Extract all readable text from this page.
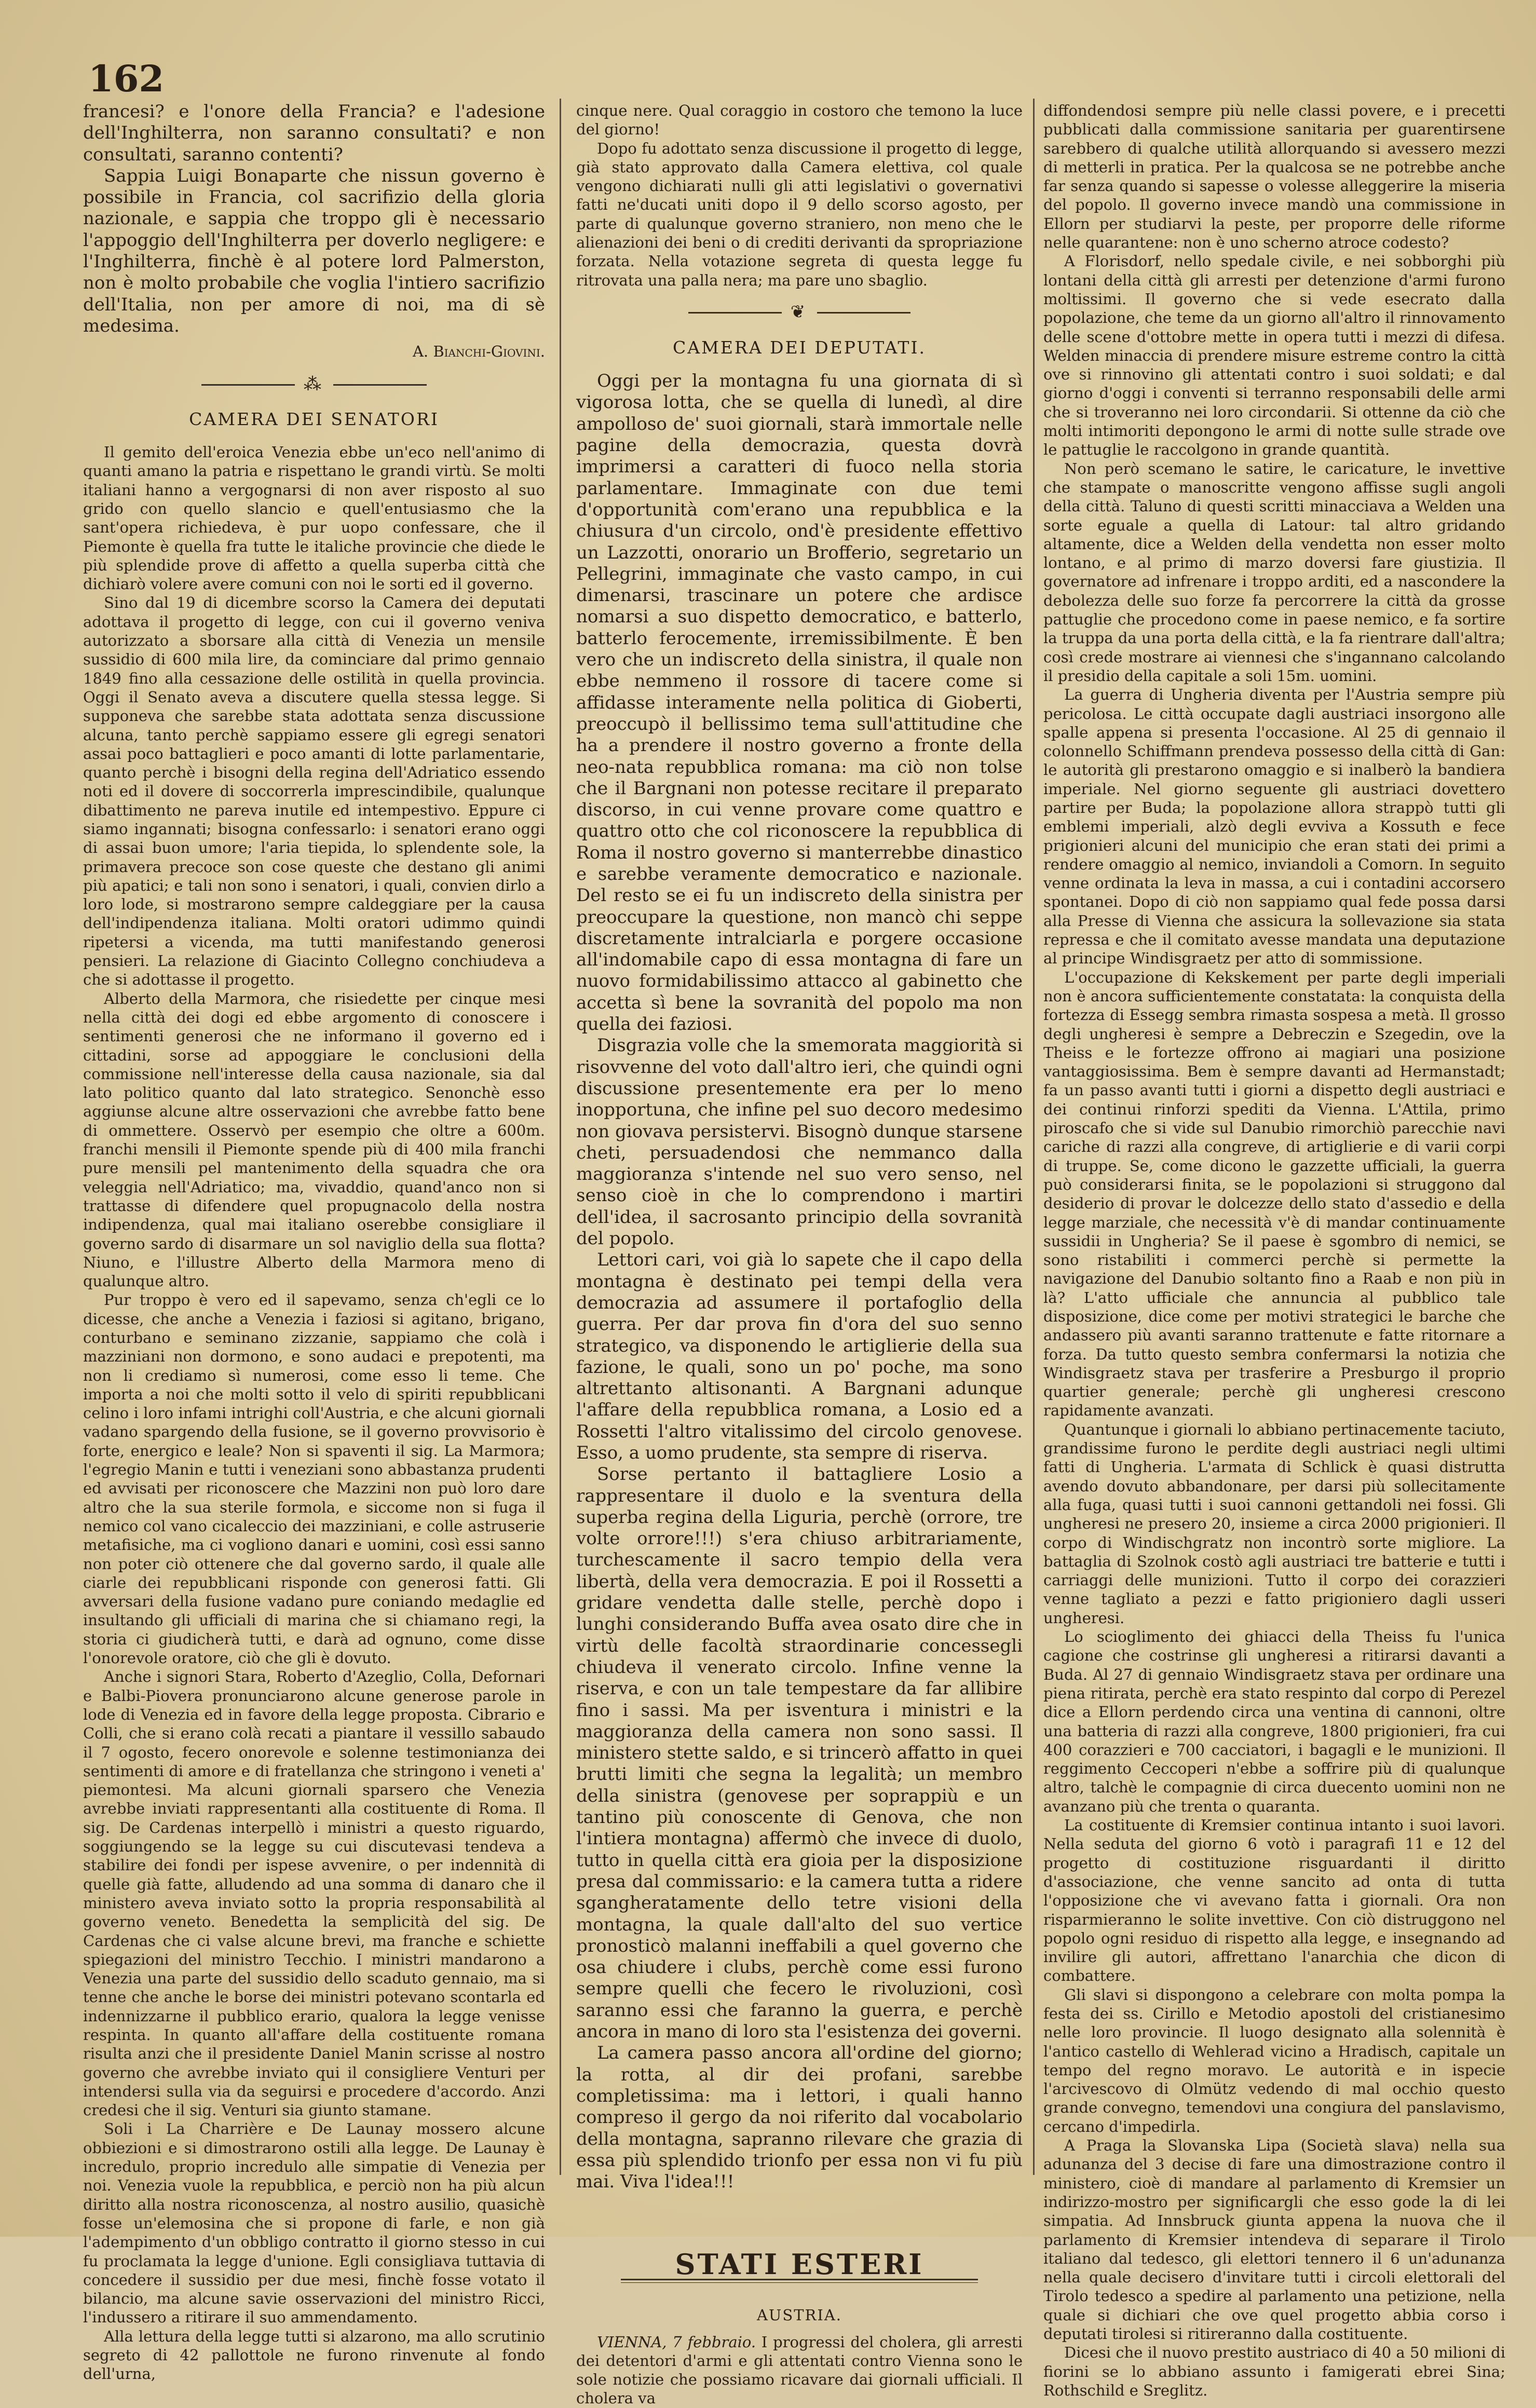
162

francesi? e l'onore della Francia? e l'adesione dell'Inghilterra, non saranno consultati? e non consultati, saranno contenti?

Sappia Luigi Bonaparte che nissun governo è possibile in Francia, col sacrifizio della gloria nazionale, e sappia che troppo gli è necessario l'appoggio dell'Inghilterra per doverlo negligere: e l'Inghilterra, finchè è al potere lord Palmerston, non è molto probabile che voglia l'intiero sacrifizio dell'Italia, non per amore di noi, ma di sè medesima.

A. Bianchi-Giovini.
⁂
CAMERA DEI SENATORI

Il gemito dell'eroica Venezia ebbe un'eco nell'animo di quanti amano la patria e rispettano le grandi virtù. Se molti italiani hanno a vergognarsi di non aver risposto al suo grido con quello slancio e quell'entusiasmo che la sant'opera richiedeva, è pur uopo confessare, che il Piemonte è quella fra tutte le italiche provincie che diede le più splendide prove di affetto a quella superba città che dichiarò volere avere comuni con noi le sorti ed il governo.

Sino dal 19 di dicembre scorso la Camera dei deputati adottava il progetto di legge, con cui il governo veniva autorizzato a sborsare alla città di Venezia un mensile sussidio di 600 mila lire, da cominciare dal primo gennaio 1849 fino alla cessazione delle ostilità in quella provincia. Oggi il Senato aveva a discutere quella stessa legge. Si supponeva che sarebbe stata adottata senza discussione alcuna, tanto perchè sappiamo essere gli egregi senatori assai poco battaglieri e poco amanti di lotte parlamentarie, quanto perchè i bisogni della regina dell'Adriatico essendo noti ed il dovere di soccorrerla imprescindibile, qualunque dibattimento ne pareva inutile ed intempestivo. Eppure ci siamo ingannati; bisogna confessarlo: i senatori erano oggi di assai buon umore; l'aria tiepida, lo splendente sole, la primavera precoce son cose queste che destano gli animi più apatici; e tali non sono i senatori, i quali, convien dirlo a loro lode, si mostrarono sempre caldeggiare per la causa dell'indipendenza italiana. Molti oratori udimmo quindi ripetersi a vicenda, ma tutti manifestando generosi pensieri. La relazione di Giacinto Collegno conchiudeva a che si adottasse il progetto.

Alberto della Marmora, che risiedette per cinque mesi nella città dei dogi ed ebbe argomento di conoscere i sentimenti generosi che ne informano il governo ed i cittadini, sorse ad appoggiare le conclusioni della commissione nell'interesse della causa nazionale, sia dal lato politico quanto dal lato strategico. Senonchè esso aggiunse alcune altre osservazioni che avrebbe fatto bene di ommettere. Osservò per esempio che oltre a 600m. franchi mensili il Piemonte spende più di 400 mila franchi pure mensili pel mantenimento della squadra che ora veleggia nell'Adriatico; ma, vivaddio, quand'anco non si trattasse di difendere quel propugnacolo della nostra indipendenza, qual mai italiano oserebbe consigliare il governo sardo di disarmare un sol naviglio della sua flotta? Niuno, e l'illustre Alberto della Marmora meno di qualunque altro.

Pur troppo è vero ed il sapevamo, senza ch'egli ce lo dicesse, che anche a Venezia i faziosi si agitano, brigano, conturbano e seminano zizzanie, sappiamo che colà i mazziniani non dormono, e sono audaci e prepotenti, ma non li crediamo sì numerosi, come esso li teme. Che importa a noi che molti sotto il velo di spiriti repubblicani celino i loro infami intrighi coll'Austria, e che alcuni giornali vadano spargendo della fusione, se il governo provvisorio è forte, energico e leale? Non si spaventi il sig. La Marmora; l'egregio Manin e tutti i veneziani sono abbastanza prudenti ed avvisati per riconoscere che Mazzini non può loro dare altro che la sua sterile formola, e siccome non si fuga il nemico col vano cicaleccio dei mazziniani, e colle astruserie metafisiche, ma ci vogliono danari e uomini, così essi sanno non poter ciò ottenere che dal governo sardo, il quale alle ciarle dei repubblicani risponde con generosi fatti. Gli avversari della fusione vadano pure coniando medaglie ed insultando gli ufficiali di marina che si chiamano regi, la storia ci giudicherà tutti, e darà ad ognuno, come disse l'onorevole oratore, ciò che gli è dovuto.

Anche i signori Stara, Roberto d'Azeglio, Colla, Defornari e Balbi-Piovera pronunciarono alcune generose parole in lode di Venezia ed in favore della legge proposta. Cibrario e Colli, che si erano colà recati a piantare il vessillo sabaudo il 7 ogosto, fecero onorevole e solenne testimonianza dei sentimenti di amore e di fratellanza che stringono i veneti a' piemontesi. Ma alcuni giornali sparsero che Venezia avrebbe inviati rappresentanti alla costituente di Roma. Il sig. De Cardenas interpellò i ministri a questo riguardo, soggiungendo se la legge su cui discutevasi tendeva a stabilire dei fondi per ispese avvenire, o per indennità di quelle già fatte, alludendo ad una somma di danaro che il ministero aveva inviato sotto la propria responsabilità al governo veneto. Benedetta la semplicità del sig. De Cardenas che ci valse alcune brevi, ma franche e schiette spiegazioni del ministro Tecchio. I ministri mandarono a Venezia una parte del sussidio dello scaduto gennaio, ma si tenne che anche le borse dei ministri potevano scontarla ed indennizzarne il pubblico erario, qualora la legge venisse respinta. In quanto all'affare della costituente romana risulta anzi che il presidente Daniel Manin scrisse al nostro governo che avrebbe inviato qui il consigliere Venturi per intendersi sulla via da seguirsi e procedere d'accordo. Anzi credesi che il sig. Venturi sia giunto stamane.

Soli i La Charrière e De Launay mossero alcune obbiezioni e si dimostrarono ostili alla legge. De Launay è incredulo, proprio incredulo alle simpatie di Venezia per noi. Venezia vuole la repubblica, e perciò non ha più alcun diritto alla nostra riconoscenza, al nostro ausilio, quasichè fosse un'elemosina che si propone di farle, e non già l'adempimento d'un obbligo contratto il giorno stesso in cui fu proclamata la legge d'unione. Egli consigliava tuttavia di concedere il sussidio per due mesi, finchè fosse votato il bilancio, ma alcune savie osservazioni del ministro Ricci, l'indussero a ritirare il suo ammendamento.

Alla lettura della legge tutti si alzarono, ma allo scrutinio segreto di 42 pallottole ne furono rinvenute al fondo dell'urna,

cinque nere. Qual coraggio in costoro che temono la luce del giorno!

Dopo fu adottato senza discussione il progetto di legge, già stato approvato dalla Camera elettiva, col quale vengono dichiarati nulli gli atti legislativi o governativi fatti ne'ducati uniti dopo il 9 dello scorso agosto, per parte di qualunque governo straniero, non meno che le alienazioni dei beni o di crediti derivanti da spropriazione forzata. Nella votazione segreta di questa legge fu ritrovata una palla nera; ma pare uno sbaglio.

❦
CAMERA DEI DEPUTATI.

Oggi per la montagna fu una giornata di sì vigorosa lotta, che se quella di lunedì, al dire ampolloso de' suoi giornali, starà immortale nelle pagine della democrazia, questa dovrà imprimersi a caratteri di fuoco nella storia parlamentare. Immaginate con due temi d'opportunità com'erano una repubblica e la chiusura d'un circolo, ond'è presidente effettivo un Lazzotti, onorario un Brofferio, segretario un Pellegrini, immaginate che vasto campo, in cui dimenarsi, trascinare un potere che ardisce nomarsi a suo dispetto democratico, e batterlo, batterlo ferocemente, irremissibilmente. È ben vero che un indiscreto della sinistra, il quale non ebbe nemmeno il rossore di tacere come si affidasse interamente nella politica di Gioberti, preoccupò il bellissimo tema sull'attitudine che ha a prendere il nostro governo a fronte della neo-nata repubblica romana: ma ciò non tolse che il Bargnani non potesse recitare il preparato discorso, in cui venne provare come quattro e quattro otto che col riconoscere la repubblica di Roma il nostro governo si manterrebbe dinastico e sarebbe veramente democratico e nazionale. Del resto se ei fu un indiscreto della sinistra per preoccupare la questione, non mancò chi seppe discretamente intralciarla e porgere occasione all'indomabile capo di essa montagna di fare un nuovo formidabilissimo attacco al gabinetto che accetta sì bene la sovranità del popolo ma non quella dei faziosi.

Disgrazia volle che la smemorata maggiorità si risovvenne del voto dall'altro ieri, che quindi ogni discussione presentemente era per lo meno inopportuna, che infine pel suo decoro medesimo non giovava persistervi. Bisognò dunque starsene cheti, persuadendosi che nemmanco dalla maggioranza s'intende nel suo vero senso, nel senso cioè in che lo comprendono i martiri dell'idea, il sacrosanto principio della sovranità del popolo.

Lettori cari, voi già lo sapete che il capo della montagna è destinato pei tempi della vera democrazia ad assumere il portafoglio della guerra. Per dar prova fin d'ora del suo senno strategico, va disponendo le artiglierie della sua fazione, le quali, sono un po' poche, ma sono altrettanto altisonanti. A Bargnani adunque l'affare della repubblica romana, a Losio ed a Rossetti l'altro vitalissimo del circolo genovese. Esso, a uomo prudente, sta sempre di riserva.

Sorse pertanto il battagliere Losio a rappresentare il duolo e la sventura della superba regina della Liguria, perchè (orrore, tre volte orrore!!!) s'era chiuso arbitrariamente, turchescamente il sacro tempio della vera libertà, della vera democrazia. E poi il Rossetti a gridare vendetta dalle stelle, perchè dopo i lunghi considerando Buffa avea osato dire che in virtù delle facoltà straordinarie concessegli chiudeva il venerato circolo. Infine venne la riserva, e con un tale tempestare da far allibire fino i sassi. Ma per isventura i ministri e la maggioranza della camera non sono sassi. Il ministero stette saldo, e si trincerò affatto in quei brutti limiti che segna la legalità; un membro della sinistra (genovese per soprappiù e un tantino più conoscente di Genova, che non l'intiera montagna) affermò che invece di duolo, tutto in quella città era gioia per la disposizione presa dal commissario: e la camera tutta a ridere sgangheratamente dello tetre visioni della montagna, la quale dall'alto del suo vertice pronosticò malanni ineffabili a quel governo che osa chiudere i clubs, perchè come essi furono sempre quelli che fecero le rivoluzioni, così saranno essi che faranno la guerra, e perchè ancora in mano di loro sta l'esistenza dei governi.

La camera passo ancora all'ordine del giorno; la rotta, al dir dei profani, sarebbe completissima: ma i lettori, i quali hanno compreso il gergo da noi riferito dal vocabolario della montagna, sapranno rilevare che grazia di essa più splendido trionfo per essa non vi fu più mai. Viva l'idea!!!

STATI ESTERI
AUSTRIA.

VIENNA, 7 febbraio. I progressi del cholera, gli arresti dei detentori d'armi e gli attentati contro Vienna sono le sole notizie che possiamo ricavare dai giornali ufficiali. Il cholera va

diffondendosi sempre più nelle classi povere, e i precetti pubblicati dalla commissione sanitaria per guarentirsene sarebbero di qualche utilità allorquando si avessero mezzi di metterli in pratica. Per la qualcosa se ne potrebbe anche far senza quando si sapesse o volesse alleggerire la miseria del popolo. Il governo invece mandò una commissione in Ellorn per studiarvi la peste, per proporre delle riforme nelle quarantene: non è uno scherno atroce codesto?

A Florisdorf, nello spedale civile, e nei sobborghi più lontani della città gli arresti per detenzione d'armi furono moltissimi. Il governo che si vede esecrato dalla popolazione, che teme da un giorno all'altro il rinnovamento delle scene d'ottobre mette in opera tutti i mezzi di difesa. Welden minaccia di prendere misure estreme contro la città ove si rinnovino gli attentati contro i suoi soldati; e dal giorno d'oggi i conventi si terranno responsabili delle armi che si troveranno nei loro circondarii. Si ottenne da ciò che molti intimoriti depongono le armi di notte sulle strade ove le pattuglie le raccolgono in grande quantità.

Non però scemano le satire, le caricature, le invettive che stampate o manoscritte vengono affisse sugli angoli della città. Taluno di questi scritti minacciava a Welden una sorte eguale a quella di Latour: tal altro gridando altamente, dice a Welden della vendetta non esser molto lontano, e al primo di marzo doversi fare giustizia. Il governatore ad infrenare i troppo arditi, ed a nascondere la debolezza delle suo forze fa percorrere la città da grosse pattuglie che procedono come in paese nemico, e fa sortire la truppa da una porta della città, e la fa rientrare dall'altra; così crede mostrare ai viennesi che s'ingannano calcolando il presidio della capitale a soli 15m. uomini.

La guerra di Ungheria diventa per l'Austria sempre più pericolosa. Le città occupate dagli austriaci insorgono alle spalle appena si presenta l'occasione. Al 25 di gennaio il colonnello Schiffmann prendeva possesso della città di Gan: le autorità gli prestarono omaggio e si inalberò la bandiera imperiale. Nel giorno seguente gli austriaci dovettero partire per Buda; la popolazione allora strappò tutti gli emblemi imperiali, alzò degli evviva a Kossuth e fece prigionieri alcuni del municipio che eran stati dei primi a rendere omaggio al nemico, inviandoli a Comorn. In seguito venne ordinata la leva in massa, a cui i contadini accorsero spontanei. Dopo di ciò non sappiamo qual fede possa darsi alla Presse di Vienna che assicura la sollevazione sia stata repressa e che il comitato avesse mandata una deputazione al principe Windisgraetz per atto di sommissione.

L'occupazione di Kekskement per parte degli imperiali non è ancora sufficientemente constatata: la conquista della fortezza di Essegg sembra rimasta sospesa a metà. Il grosso degli ungheresi è sempre a Debreczin e Szegedin, ove la Theiss e le fortezze offrono ai magiari una posizione vantaggiosissima. Bem è sempre davanti ad Hermanstadt; fa un passo avanti tutti i giorni a dispetto degli austriaci e dei continui rinforzi spediti da Vienna. L'Attila, primo piroscafo che si vide sul Danubio rimorchiò parecchie navi cariche di razzi alla congreve, di artiglierie e di varii corpi di truppe. Se, come dicono le gazzette ufficiali, la guerra può considerarsi finita, se le popolazioni si struggono dal desiderio di provar le dolcezze dello stato d'assedio e della legge marziale, che necessità v'è di mandar continuamente sussidii in Ungheria? Se il paese è sgombro di nemici, se sono ristabiliti i commerci perchè si permette la navigazione del Danubio soltanto fino a Raab e non più in là? L'atto ufficiale che annuncia al pubblico tale disposizione, dice come per motivi strategici le barche che andassero più avanti saranno trattenute e fatte ritornare a forza. Da tutto questo sembra confermarsi la notizia che Windisgraetz stava per trasferire a Presburgo il proprio quartier generale; perchè gli ungheresi crescono rapidamente avanzati.

Quantunque i giornali lo abbiano pertinacemente taciuto, grandissime furono le perdite degli austriaci negli ultimi fatti di Ungheria. L'armata di Schlick è quasi distrutta avendo dovuto abbandonare, per darsi più sollecitamente alla fuga, quasi tutti i suoi cannoni gettandoli nei fossi. Gli ungheresi ne presero 20, insieme a circa 2000 prigionieri. Il corpo di Windischgratz non incontrò sorte migliore. La battaglia di Szolnok costò agli austriaci tre batterie e tutti i carriaggi delle munizioni. Tutto il corpo dei corazzieri venne tagliato a pezzi e fatto prigioniero dagli usseri ungheresi.

Lo scioglimento dei ghiacci della Theiss fu l'unica cagione che costrinse gli ungheresi a ritirarsi davanti a Buda. Al 27 di gennaio Windisgraetz stava per ordinare una piena ritirata, perchè era stato respinto dal corpo di Perezel dice a Ellorn perdendo circa una ventina di cannoni, oltre una batteria di razzi alla congreve, 1800 prigionieri, fra cui 400 corazzieri e 700 cacciatori, i bagagli e le munizioni. Il reggimento Ceccoperi n'ebbe a soffrire più di qualunque altro, talchè le compagnie di circa duecento uomini non ne avanzano più che trenta o quaranta.

La costituente di Kremsier continua intanto i suoi lavori. Nella seduta del giorno 6 votò i paragrafi 11 e 12 del progetto di costituzione risguardanti il diritto d'associazione, che venne sancito ad onta di tutta l'opposizione che vi avevano fatta i giornali. Ora non risparmieranno le solite invettive. Con ciò distruggono nel popolo ogni residuo di rispetto alla legge, e insegnando ad invilire gli autori, affrettano l'anarchia che dicon di combattere.

Gli slavi si dispongono a celebrare con molta pompa la festa dei ss. Cirillo e Metodio apostoli del cristianesimo nelle loro provincie. Il luogo designato alla solennità è l'antico castello di Wehlerad vicino a Hradisch, capitale un tempo del regno moravo. Le autorità e in ispecie l'arcivescovo di Olmütz vedendo di mal occhio questo grande convegno, temendovi una congiura del panslavismo, cercano d'impedirla.

A Praga la Slovanska Lipa (Società slava) nella sua adunanza del 3 decise di fare una dimostrazione contro il ministero, cioè di mandare al parlamento di Kremsier un indirizzo-mostro per significargli che esso gode la di lei simpatia. Ad Innsbruck giunta appena la nuova che il parlamento di Kremsier intendeva di separare il Tirolo italiano dal tedesco, gli elettori tennero il 6 un'adunanza nella quale decisero d'invitare tutti i circoli elettorali del Tirolo tedesco a spedire al parlamento una petizione, nella quale si dichiari che ove quel progetto abbia corso i deputati tirolesi si ritireranno dalla costituente.

Dicesi che il nuovo prestito austriaco di 40 a 50 milioni di fiorini se lo abbiano assunto i famigerati ebrei Sina; Rothschild e Sreglitz.
